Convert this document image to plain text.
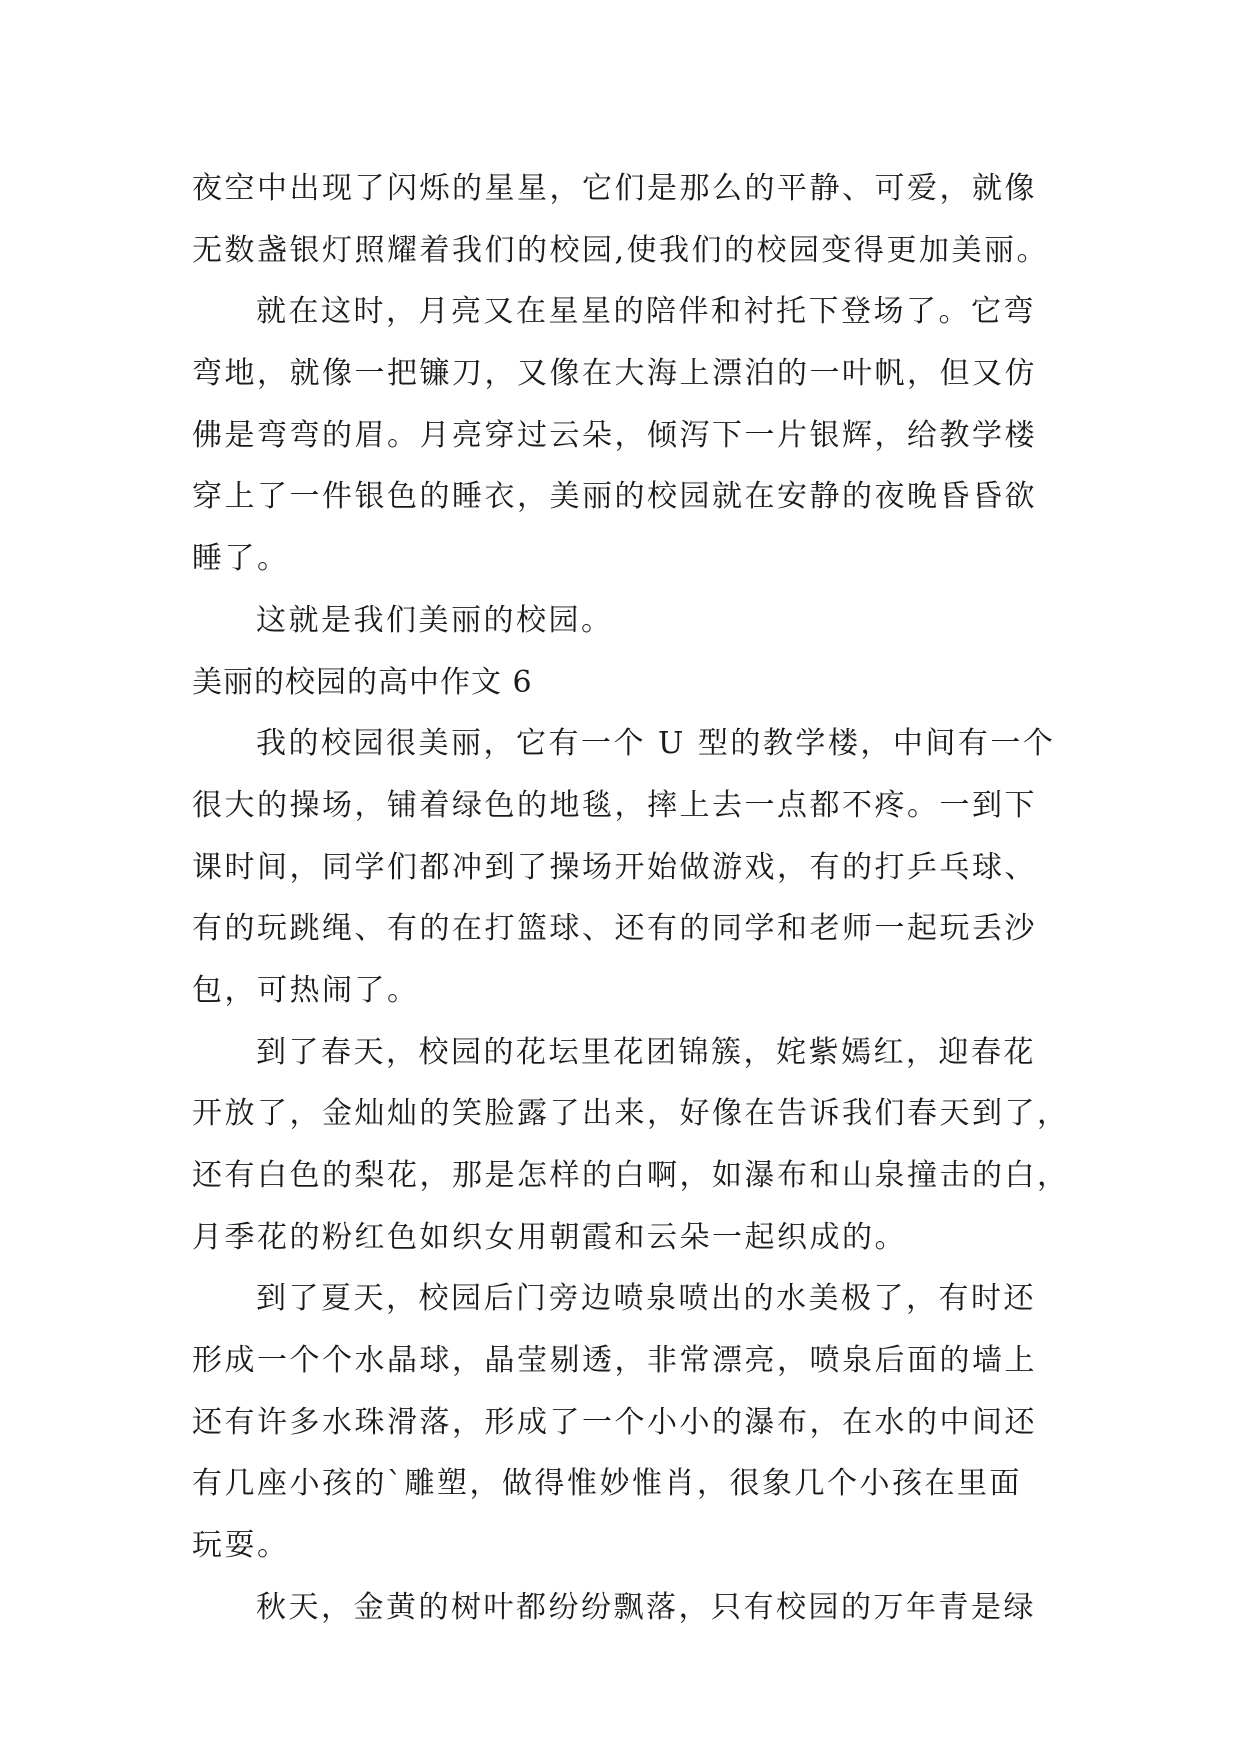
夜空中出现了闪烁的星星，它们是那么的平静、可爱，就像
无数盏银灯照耀着我们的校园,使我们的校园变得更加美丽。
就在这时，月亮又在星星的陪伴和衬托下登场了。它弯
弯地，就像一把镰刀，又像在大海上漂泊的一叶帆，但又仿
佛是弯弯的眉。月亮穿过云朵，倾泻下一片银辉，给教学楼
穿上了一件银色的睡衣，美丽的校园就在安静的夜晚昏昏欲
睡了。
这就是我们美丽的校园。
美丽的校园的高中作文 6
我的校园很美丽，它有一个 U 型的教学楼，中间有一个
很大的操场，铺着绿色的地毯，摔上去一点都不疼。一到下
课时间，同学们都冲到了操场开始做游戏，有的打乒乓球、
有的玩跳绳、有的在打篮球、还有的同学和老师一起玩丢沙
包，可热闹了。
到了春天，校园的花坛里花团锦簇，姹紫嫣红，迎春花
开放了，金灿灿的笑脸露了出来，好像在告诉我们春天到了，
还有白色的梨花，那是怎样的白啊，如瀑布和山泉撞击的白，
月季花的粉红色如织女用朝霞和云朵一起织成的。
到了夏天，校园后门旁边喷泉喷出的水美极了，有时还
形成一个个水晶球，晶莹剔透，非常漂亮，喷泉后面的墙上
还有许多水珠滑落，形成了一个小小的瀑布，在水的中间还
有几座小孩的`雕塑，做得惟妙惟肖，很象几个小孩在里面
玩耍。
秋天，金黄的树叶都纷纷飘落，只有校园的万年青是绿
